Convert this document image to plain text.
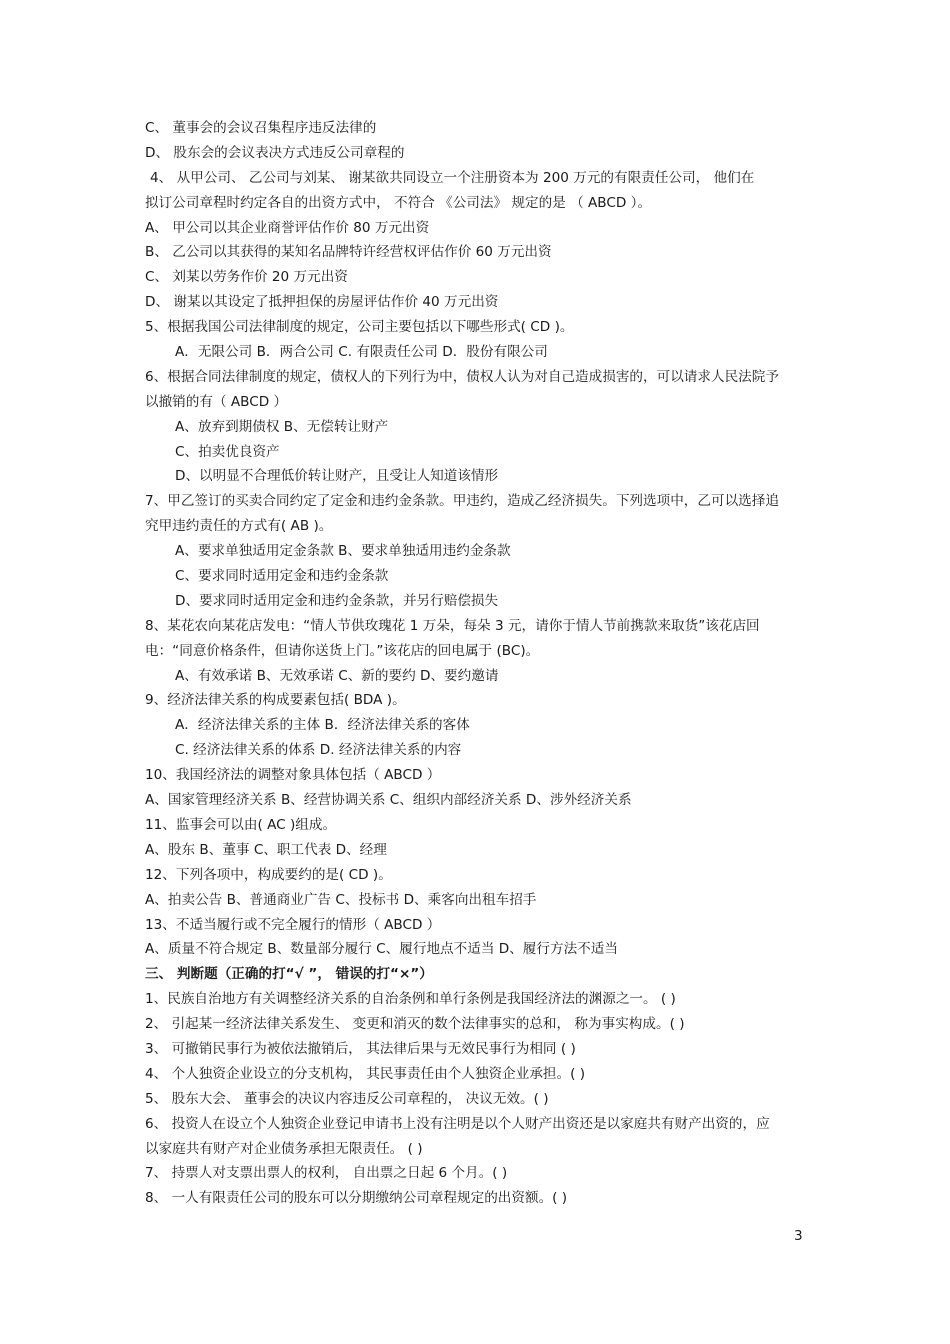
C、 董事会的会议召集程序违反法律的
D、 股东会的会议表决方式违反公司章程的
4、 从甲公司、 乙公司与刘某、 谢某欲共同设立一个注册资本为 200 万元的有限责任公司， 他们在
拟订公司章程时约定各自的出资方式中， 不符合 《公司法》 规定的是 （ ABCD ）。
A、 甲公司以其企业商誉评估作价 80 万元出资
B、 乙公司以其获得的某知名品牌特许经营权评估作价 60 万元出资
C、 刘某以劳务作价 20 万元出资
D、 谢某以其设定了抵押担保的房屋评估作价 40 万元出资
5、根据我国公司法律制度的规定，公司主要包括以下哪些形式( CD )。
A．无限公司 B．两合公司 C. 有限责任公司 D．股份有限公司
6、根据合同法律制度的规定，债权人的下列行为中，债权人认为对自己造成损害的，可以请求人民法院予
以撤销的有（ ABCD ）
A、放弃到期债权 B、无偿转让财产
C、拍卖优良资产
D、以明显不合理低价转让财产，且受让人知道该情形
7、甲乙签订的买卖合同约定了定金和违约金条款。甲违约，造成乙经济损失。下列选项中，乙可以选择追
究甲违约责任的方式有( AB )。
A、要求单独适用定金条款 B、要求单独适用违约金条款
C、要求同时适用定金和违约金条款
D、要求同时适用定金和违约金条款，并另行赔偿损失
8、某花农向某花店发电：“情人节供玫瑰花 1 万朵，每朵 3 元，请你于情人节前携款来取货”该花店回
电：“同意价格条件，但请你送货上门。”该花店的回电属于 (BC)。
A、有效承诺 B、无效承诺 C、新的要约 D、要约邀请
9、经济法律关系的构成要素包括( BDA )。
A．经济法律关系的主体 B．经济法律关系的客体
C. 经济法律关系的体系 D. 经济法律关系的内容
10、我国经济法的调整对象具体包括（ ABCD ）
A、国家管理经济关系 B、经营协调关系 C、组织内部经济关系 D、涉外经济关系
11、监事会可以由( AC )组成。
A、股东 B、董事 C、职工代表 D、经理
12、下列各项中，构成要约的是( CD )。
A、拍卖公告 B、普通商业广告 C、投标书 D、乘客向出租车招手
13、不适当履行或不完全履行的情形（ ABCD ）
A、质量不符合规定 B、数量部分履行 C、履行地点不适当 D、履行方法不适当
三、 判断题（正确的打“√ ”， 错误的打“×”）
1、民族自治地方有关调整经济关系的自治条例和单行条例是我国经济法的渊源之一。 ( )
2、 引起某一经济法律关系发生、 变更和消灭的数个法律事实的总和， 称为事实构成。( )
3、 可撤销民事行为被依法撤销后， 其法律后果与无效民事行为相同 ( )
4、 个人独资企业设立的分支机构， 其民事责任由个人独资企业承担。( )
5、 股东大会、 董事会的决议内容违反公司章程的， 决议无效。( )
6、 投资人在设立个人独资企业登记申请书上没有注明是以个人财产出资还是以家庭共有财产出资的，应
以家庭共有财产对企业债务承担无限责任。 ( )
7、 持票人对支票出票人的权利， 自出票之日起 6 个月。( )
8、 一人有限责任公司的股东可以分期缴纳公司章程规定的出资额。( )
3
